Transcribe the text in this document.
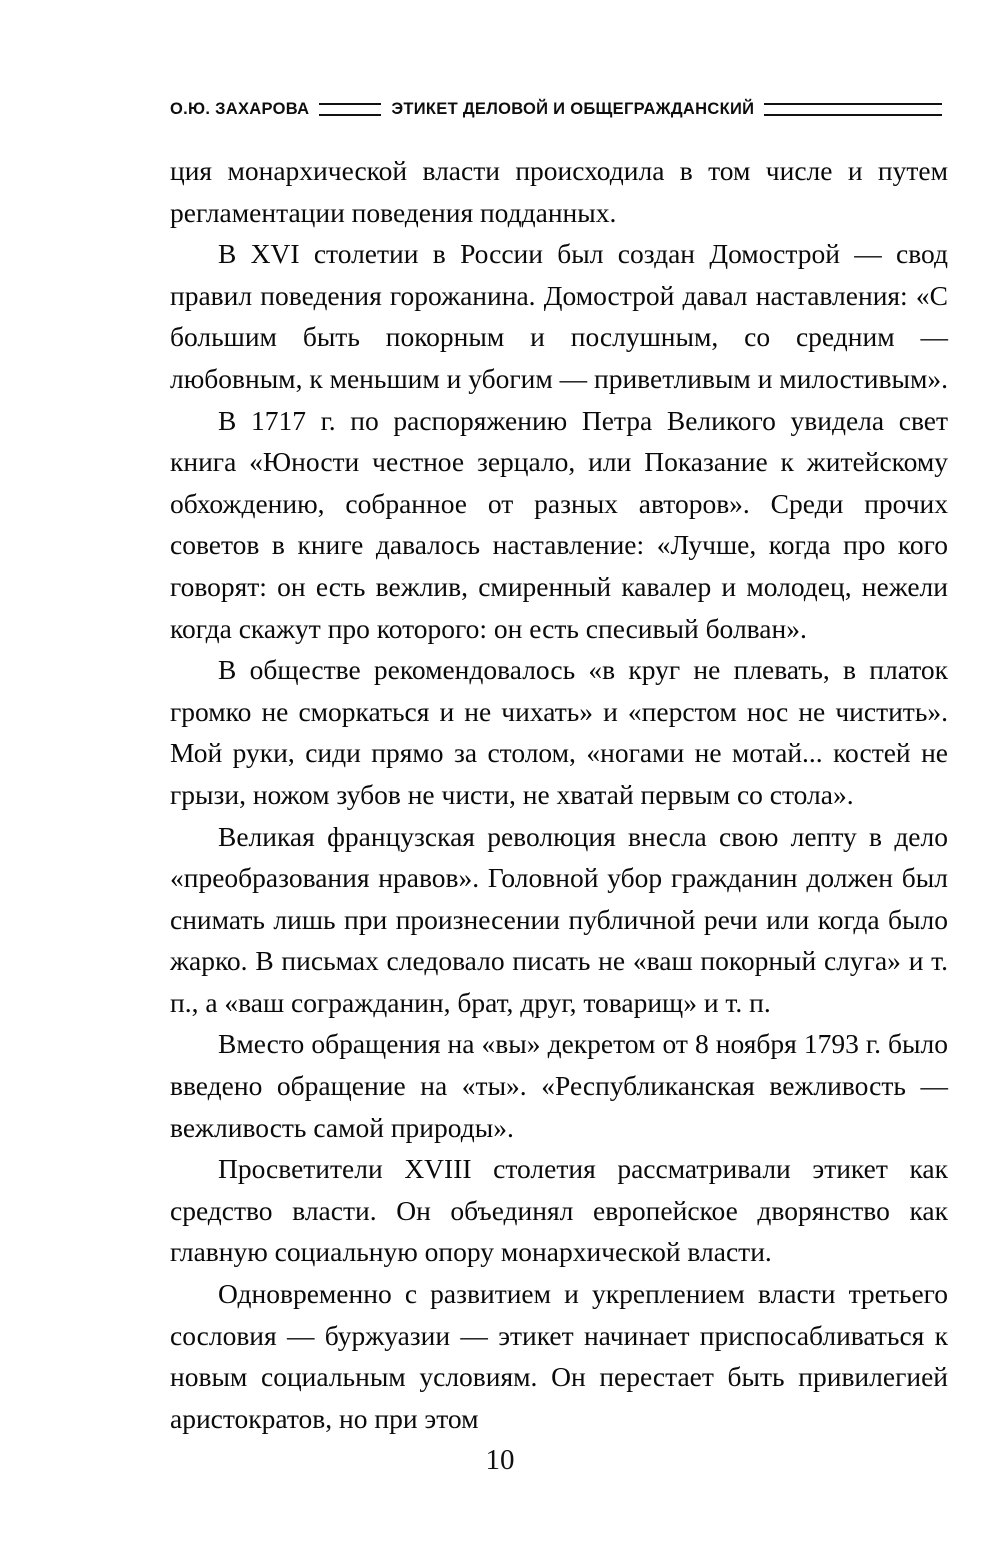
О.Ю. ЗАХАРОВА	ЭТИКЕТ ДЕЛОВОЙ И ОБЩЕГРАЖДАНСКИЙ

ция монархической власти происходила в том числе и путем регламентации поведения подданных.

В XVI столетии в России был создан Домострой — свод правил поведения горожанина. Домострой давал наставления: «С большим быть покорным и послушным, со средним — любовным, к меньшим и убогим — приветливым и милостивым».

В 1717 г. по распоряжению Петра Великого увидела свет книга «Юности честное зерцало, или Показание к житейскому обхождению, собранное от разных авторов». Среди прочих советов в книге давалось наставление: «Лучше, когда про кого говорят: он есть вежлив, смиренный кавалер и молодец, нежели когда скажут про которого: он есть спесивый болван».

В обществе рекомендовалось «в круг не плевать, в платок громко не сморкаться и не чихать» и «перстом нос не чистить». Мой руки, сиди прямо за столом, «ногами не мотай... костей не грызи, ножом зубов не чисти, не хватай первым со стола».

Великая французская революция внесла свою лепту в дело «преобразования нравов». Головной убор гражданин должен был снимать лишь при произнесении публичной речи или когда было жарко. В письмах следовало писать не «ваш покорный слуга» и т. п., а «ваш согражданин, брат, друг, товарищ» и т. п.

Вместо обращения на «вы» декретом от 8 ноября 1793 г. было введено обращение на «ты». «Республиканская вежливость — вежливость самой природы».

Просветители XVIII столетия рассматривали этикет как средство власти. Он объединял европейское дворянство как главную социальную опору монархической власти.

Одновременно с развитием и укреплением власти третьего сословия — буржуазии — этикет начинает приспосабливаться к новым социальным условиям. Он перестает быть привилегией аристократов, но при этом

10
